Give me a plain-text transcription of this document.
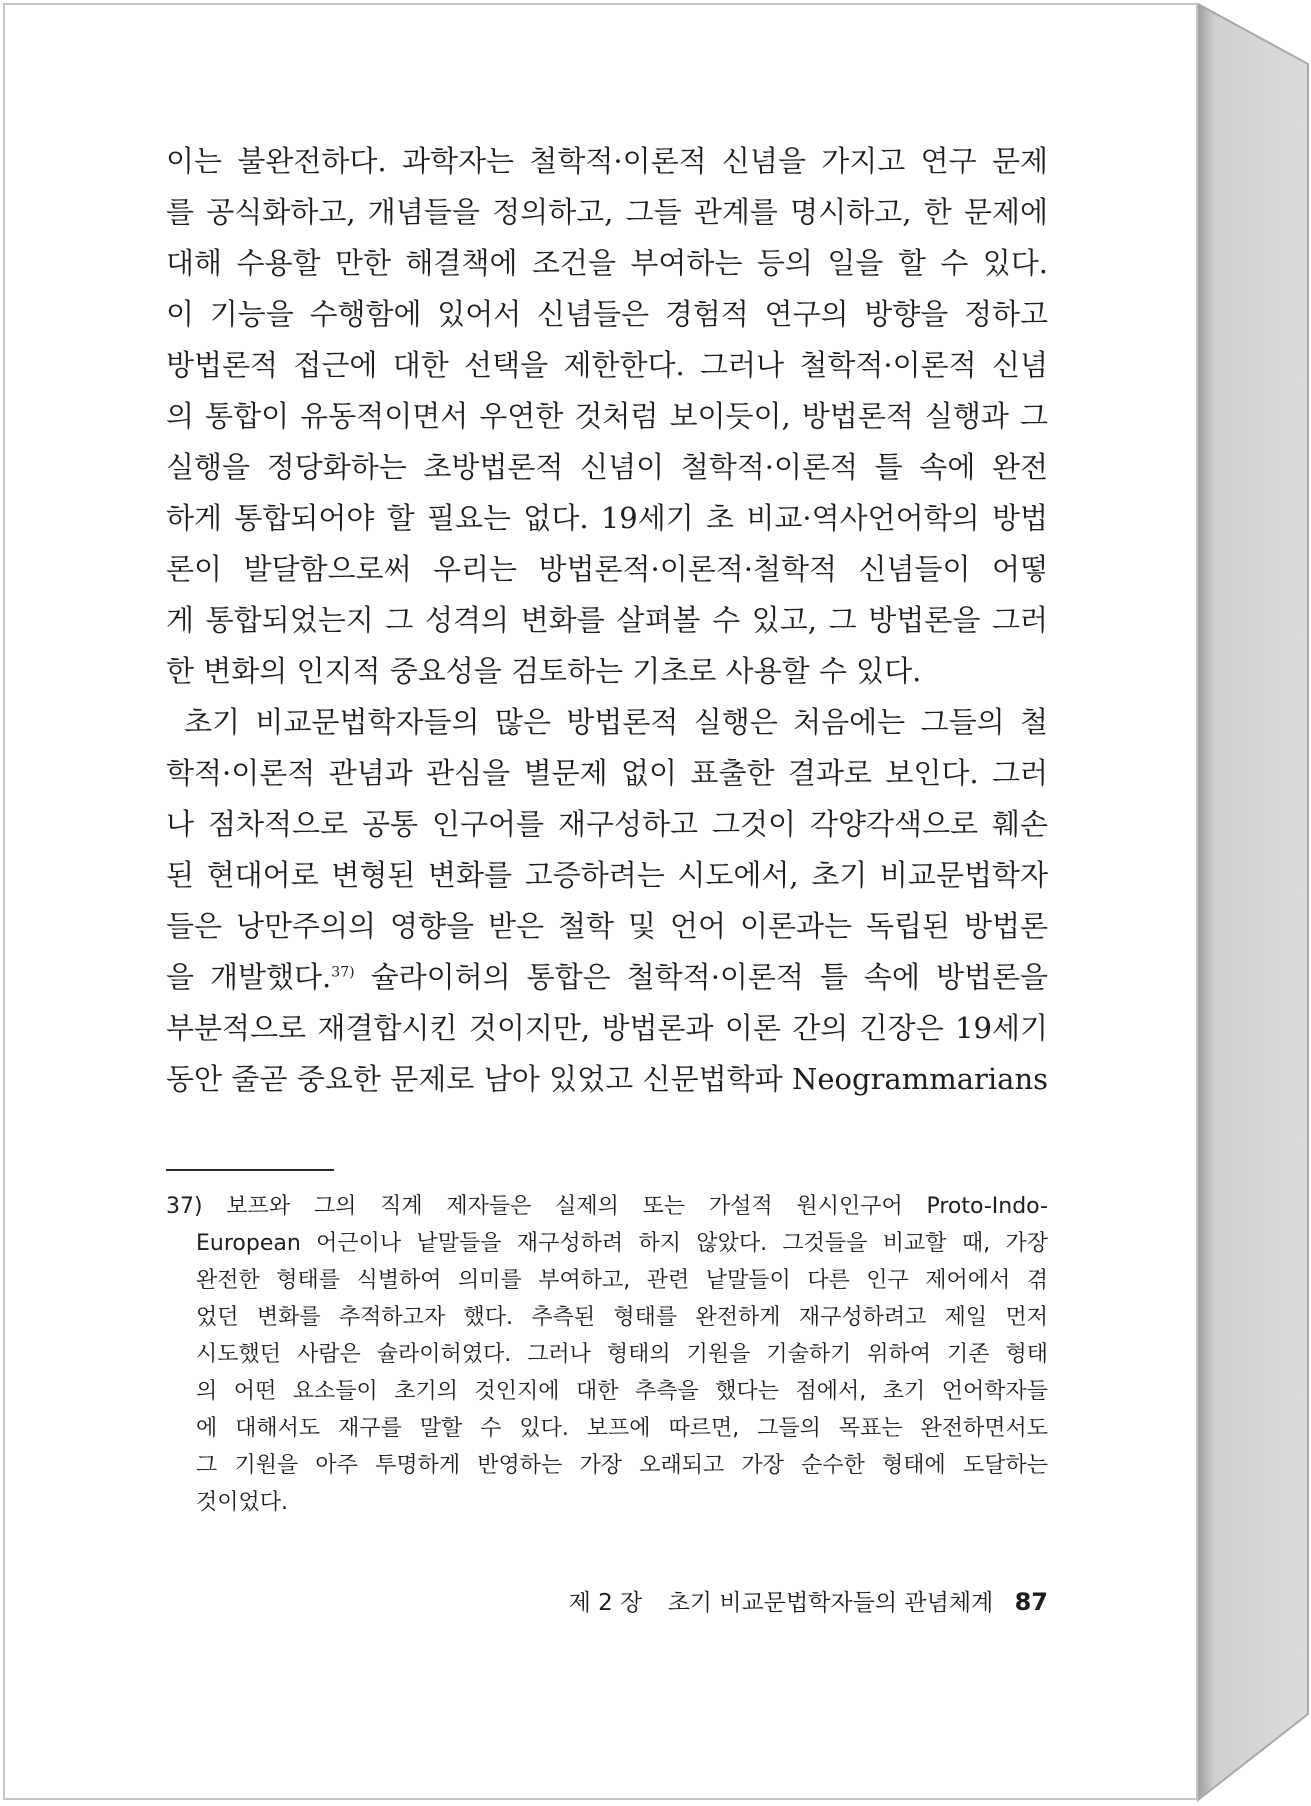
이는 불완전하다. 과학자는 철학적·이론적 신념을 가지고 연구 문제
를 공식화하고, 개념들을 정의하고, 그들 관계를 명시하고, 한 문제에
대해 수용할 만한 해결책에 조건을 부여하는 등의 일을 할 수 있다.
이 기능을 수행함에 있어서 신념들은 경험적 연구의 방향을 정하고
방법론적 접근에 대한 선택을 제한한다. 그러나 철학적·이론적 신념
의 통합이 유동적이면서 우연한 것처럼 보이듯이, 방법론적 실행과 그
실행을 정당화하는 초방법론적 신념이 철학적·이론적 틀 속에 완전
하게 통합되어야 할 필요는 없다. 19세기 초 비교·역사언어학의 방법
론이 발달함으로써 우리는 방법론적·이론적·철학적 신념들이 어떻
게 통합되었는지 그 성격의 변화를 살펴볼 수 있고, 그 방법론을 그러
한 변화의 인지적 중요성을 검토하는 기초로 사용할 수 있다.
초기 비교문법학자들의 많은 방법론적 실행은 처음에는 그들의 철
학적·이론적 관념과 관심을 별문제 없이 표출한 결과로 보인다. 그러
나 점차적으로 공통 인구어를 재구성하고 그것이 각양각색으로 훼손
된 현대어로 변형된 변화를 고증하려는 시도에서, 초기 비교문법학자
들은 낭만주의의 영향을 받은 철학 및 언어 이론과는 독립된 방법론
을 개발했다.$^{37)}$ 슐라이허의 통합은 철학적·이론적 틀 속에 방법론을
부분적으로 재결합시킨 것이지만, 방법론과 이론 간의 긴장은 19세기
동안 줄곧 중요한 문제로 남아 있었고 신문법학파 Neogrammarians
37) 보프와 그의 직계 제자들은 실제의 또는 가설적 원시인구어 Proto-Indo-
European 어근이나 낱말들을 재구성하려 하지 않았다. 그것들을 비교할 때, 가장
완전한 형태를 식별하여 의미를 부여하고, 관련 낱말들이 다른 인구 제어에서 겪
었던 변화를 추적하고자 했다. 추측된 형태를 완전하게 재구성하려고 제일 먼저
시도했던 사람은 슐라이허였다. 그러나 형태의 기원을 기술하기 위하여 기존 형태
의 어떤 요소들이 초기의 것인지에 대한 추측을 했다는 점에서, 초기 언어학자들
에 대해서도 재구를 말할 수 있다. 보프에 따르면, 그들의 목표는 완전하면서도
그 기원을 아주 투명하게 반영하는 가장 오래되고 가장 순수한 형태에 도달하는
것이었다.
제 2 장 초기 비교문법학자들의 관념체계 87
